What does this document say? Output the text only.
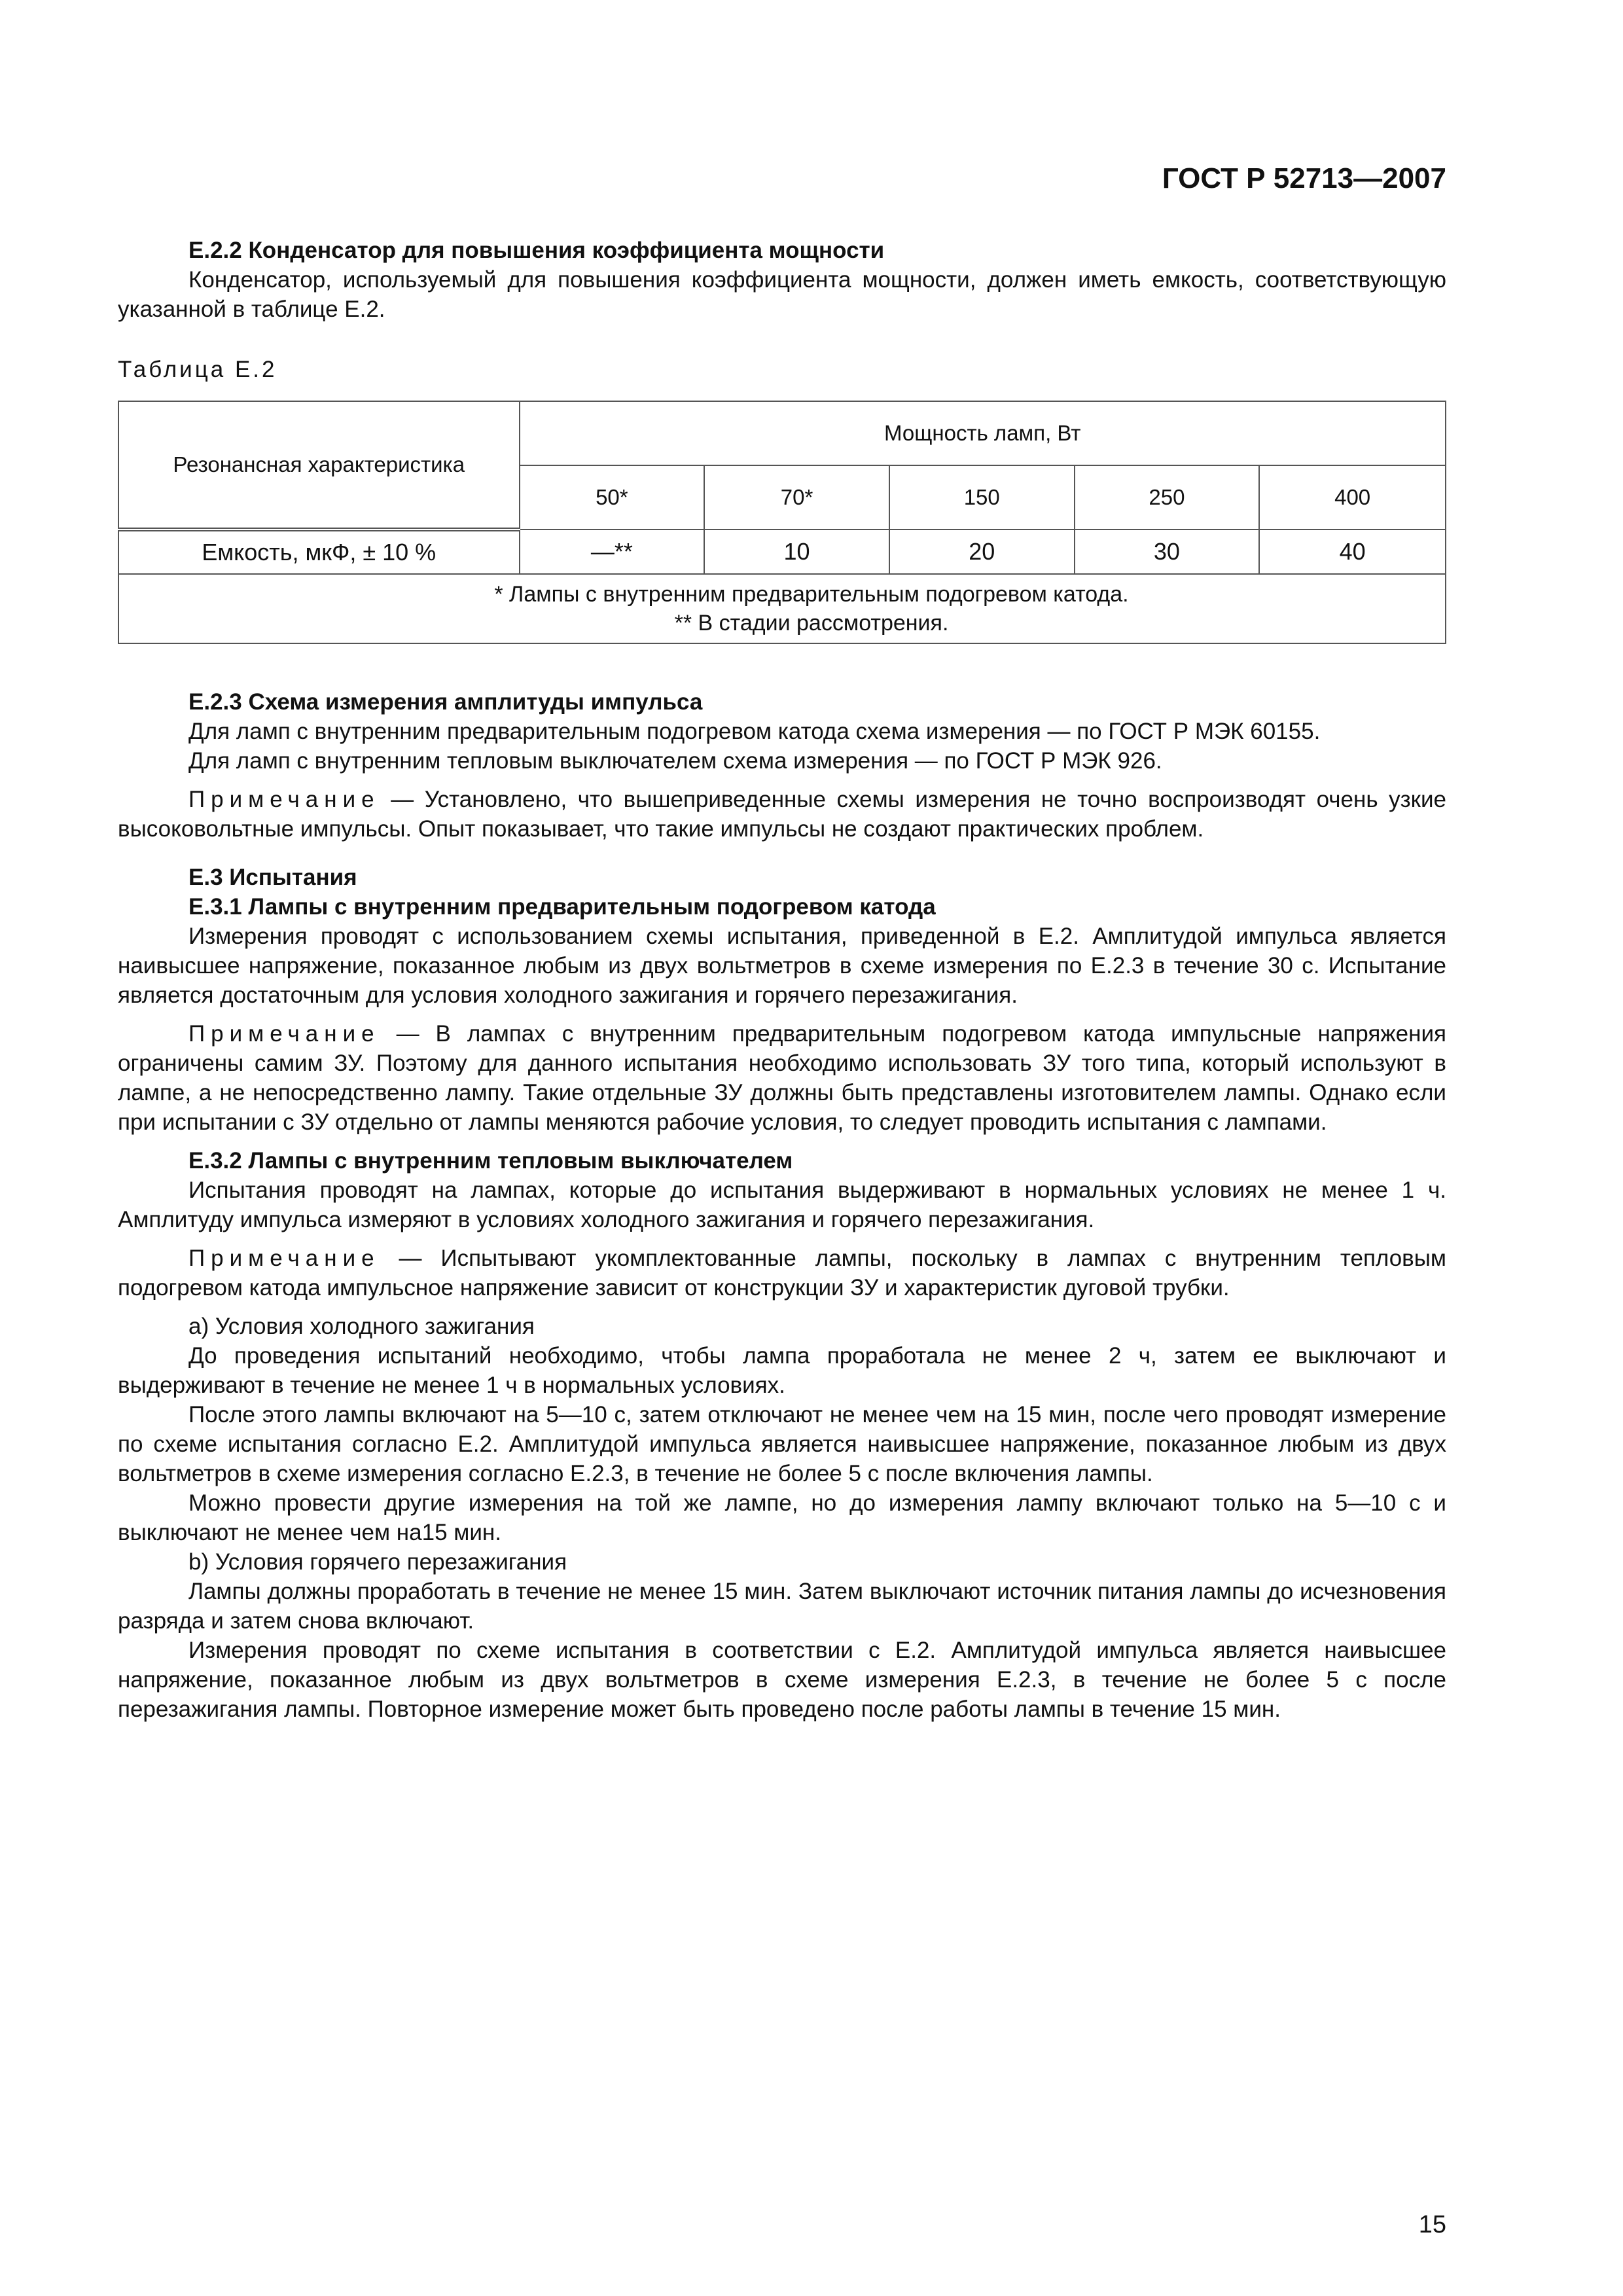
ГОСТ Р 52713—2007
Е.2.2 Конденсатор для повышения коэффициента мощности
Конденсатор, используемый для повышения коэффициента мощности, должен иметь емкость, соответствующую указанной в таблице Е.2.
Таблица Е.2
Резонансная характеристика	Мощность ламп, Вт				
	50*	70*	150	250	400
Емкость, мкФ, ± 10 %	—**	10	20	30	40

* Лампы с внутренним предварительным подогревом катода.
** В стадии рассмотрения.					
Е.2.3 Схема измерения амплитуды импульса
Для ламп с внутренним предварительным подогревом катода схема измерения — по ГОСТ Р МЭК 60155.
Для ламп с внутренним тепловым выключателем схема измерения — по ГОСТ Р МЭК 926.
Примечание — Установлено, что вышеприведенные схемы измерения не точно воспроизводят очень узкие высоковольтные импульсы. Опыт показывает, что такие импульсы не создают практических проблем.
Е.3 Испытания
Е.3.1 Лампы с внутренним предварительным подогревом катода
Измерения проводят с использованием схемы испытания, приведенной в Е.2. Амплитудой импульса является наивысшее напряжение, показанное любым из двух вольтметров в схеме измерения по Е.2.3 в течение 30 с. Испытание является достаточным для условия холодного зажигания и горячего перезажигания.
Примечание — В лампах с внутренним предварительным подогревом катода импульсные напряжения ограничены самим ЗУ. Поэтому для данного испытания необходимо использовать ЗУ того типа, который используют в лампе, а не непосредственно лампу. Такие отдельные ЗУ должны быть представлены изготовителем лампы. Однако если при испытании с ЗУ отдельно от лампы меняются рабочие условия, то следует проводить испытания с лампами.
Е.3.2 Лампы с внутренним тепловым выключателем
Испытания проводят на лампах, которые до испытания выдерживают в нормальных условиях не менее 1 ч. Амплитуду импульса измеряют в условиях холодного зажигания и горячего перезажигания.
Примечание — Испытывают укомплектованные лампы, поскольку в лампах с внутренним тепловым подогревом катода импульсное напряжение зависит от конструкции ЗУ и характеристик дуговой трубки.
а) Условия холодного зажигания
До проведения испытаний необходимо, чтобы лампа проработала не менее 2 ч, затем ее выключают и выдерживают в течение не менее 1 ч в нормальных условиях.
После этого лампы включают на 5—10 с, затем отключают не менее чем на 15 мин, после чего проводят измерение по схеме испытания согласно Е.2. Амплитудой импульса является наивысшее напряжение, показанное любым из двух вольтметров в схеме измерения согласно Е.2.3, в течение не более 5 с после включения лампы.
Можно провести другие измерения на той же лампе, но до измерения лампу включают только на 5—10 с и выключают не менее чем на15 мин.
b) Условия горячего перезажигания
Лампы должны проработать в течение не менее 15 мин. Затем выключают источник питания лампы до исчезновения разряда и затем снова включают.
Измерения проводят по схеме испытания в соответствии с Е.2. Амплитудой импульса является наивысшее напряжение, показанное любым из двух вольтметров в схеме измерения Е.2.3, в течение не более 5 с после перезажигания лампы. Повторное измерение может быть проведено после работы лампы в течение 15 мин.
15
